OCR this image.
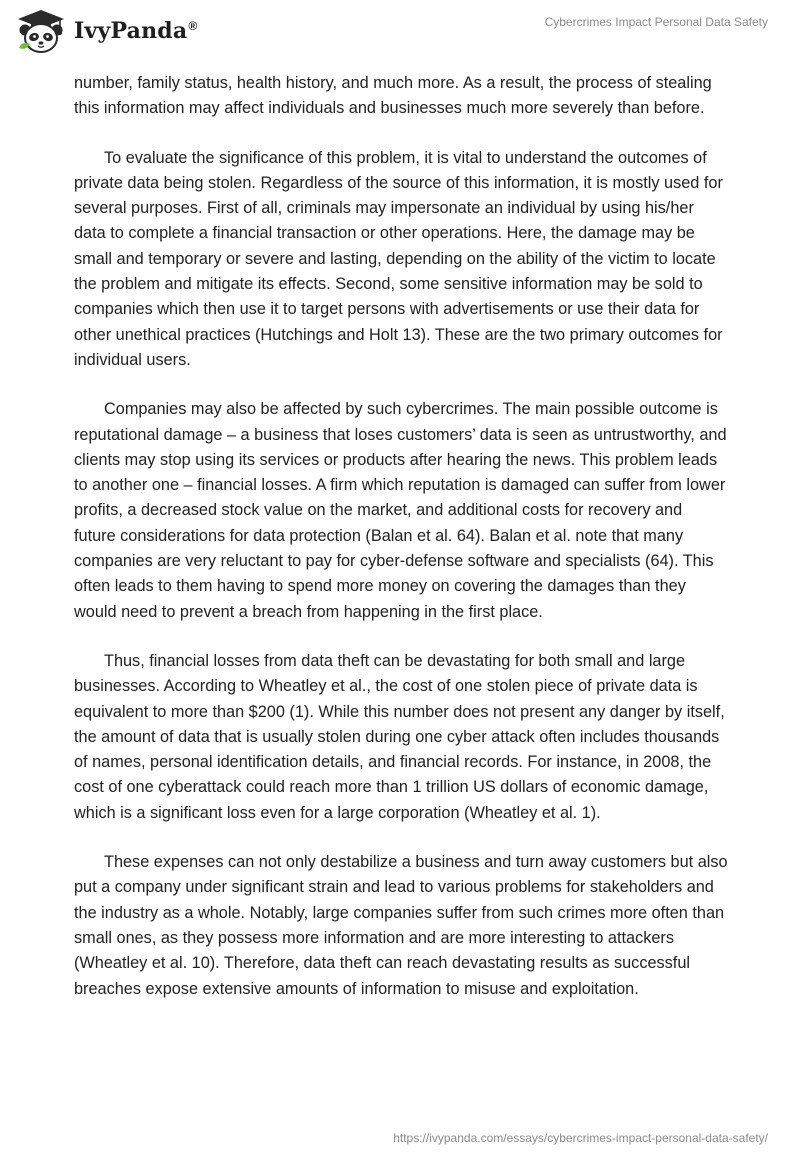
IvyPanda®	Cybercrimes Impact Personal Data Safety

number, family status, health history, and much more. As a result, the process of stealing this information may affect individuals and businesses much more severely than before.

To evaluate the significance of this problem, it is vital to understand the outcomes of private data being stolen. Regardless of the source of this information, it is mostly used for several purposes. First of all, criminals may impersonate an individual by using his/her data to complete a financial transaction or other operations. Here, the damage may be small and temporary or severe and lasting, depending on the ability of the victim to locate the problem and mitigate its effects. Second, some sensitive information may be sold to companies which then use it to target persons with advertisements or use their data for other unethical practices (Hutchings and Holt 13). These are the two primary outcomes for individual users.

Companies may also be affected by such cybercrimes. The main possible outcome is reputational damage – a business that loses customers’ data is seen as untrustworthy, and clients may stop using its services or products after hearing the news. This problem leads to another one – financial losses. A firm which reputation is damaged can suffer from lower profits, a decreased stock value on the market, and additional costs for recovery and future considerations for data protection (Balan et al. 64). Balan et al. note that many companies are very reluctant to pay for cyber-defense software and specialists (64). This often leads to them having to spend more money on covering the damages than they would need to prevent a breach from happening in the first place.

Thus, financial losses from data theft can be devastating for both small and large businesses. According to Wheatley et al., the cost of one stolen piece of private data is equivalent to more than $200 (1). While this number does not present any danger by itself, the amount of data that is usually stolen during one cyber attack often includes thousands of names, personal identification details, and financial records. For instance, in 2008, the cost of one cyberattack could reach more than 1 trillion US dollars of economic damage, which is a significant loss even for a large corporation (Wheatley et al. 1).

These expenses can not only destabilize a business and turn away customers but also put a company under significant strain and lead to various problems for stakeholders and the industry as a whole. Notably, large companies suffer from such crimes more often than small ones, as they possess more information and are more interesting to attackers (Wheatley et al. 10). Therefore, data theft can reach devastating results as successful breaches expose extensive amounts of information to misuse and exploitation.

https://ivypanda.com/essays/cybercrimes-impact-personal-data-safety/
